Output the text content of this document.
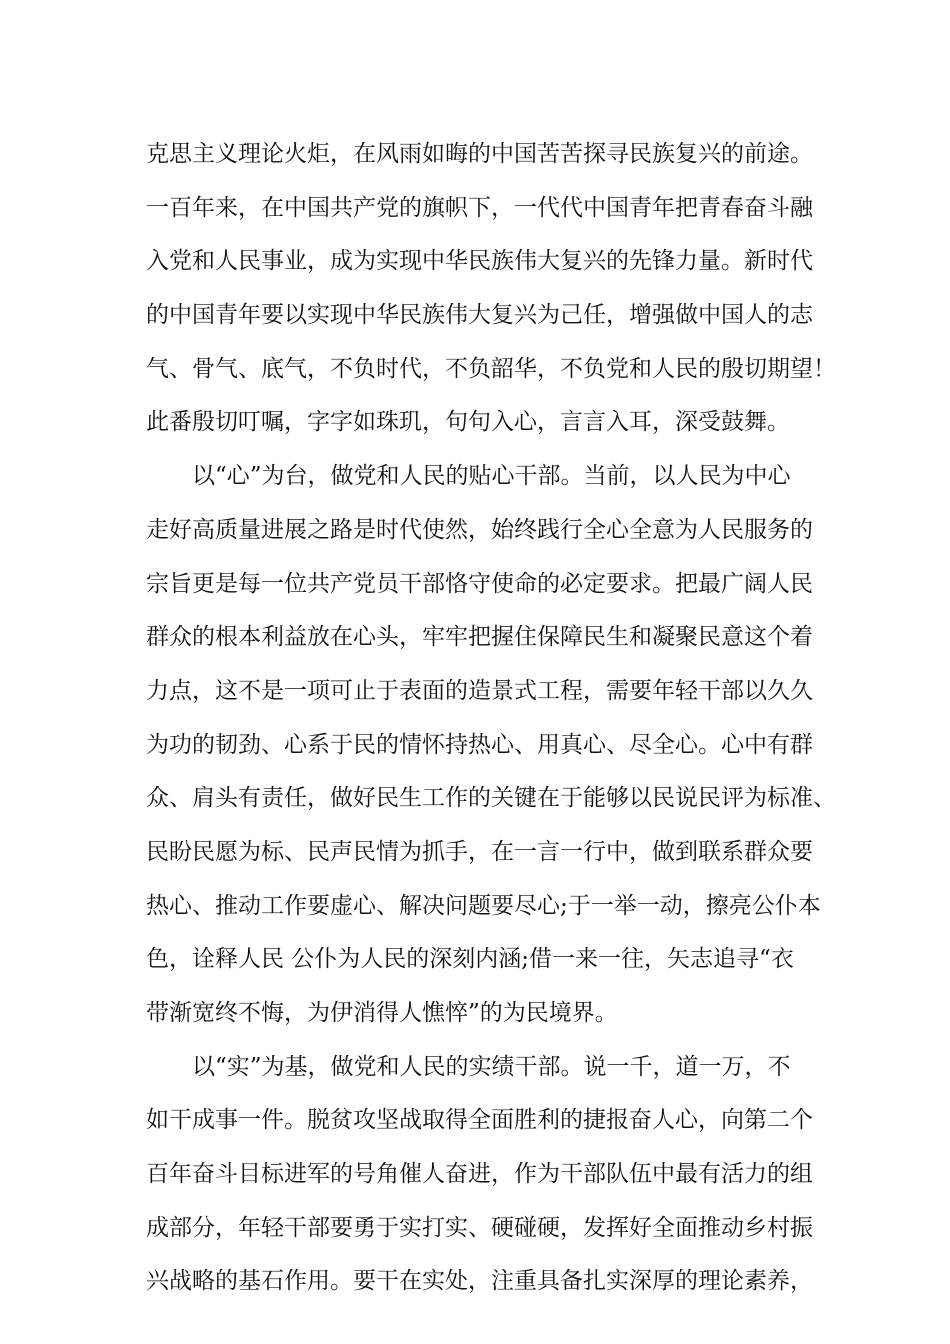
克思主义理论火炬，在风雨如晦的中国苦苦探寻民族复兴的前途。
一百年来，在中国共产党的旗帜下，一代代中国青年把青春奋斗融
入党和人民事业，成为实现中华民族伟大复兴的先锋力量。新时代
的中国青年要以实现中华民族伟大复兴为己任，增强做中国人的志
气、骨气、底气，不负时代，不负韶华，不负党和人民的殷切期望！
此番殷切叮嘱，字字如珠玑，句句入心，言言入耳，深受鼓舞。
以“心”为台，做党和人民的贴心干部。当前，以人民为中心
走好高质量进展之路是时代使然，始终践行全心全意为人民服务的
宗旨更是每一位共产党员干部恪守使命的必定要求。把最广阔人民
群众的根本利益放在心头，牢牢把握住保障民生和凝聚民意这个着
力点，这不是一项可止于表面的造景式工程，需要年轻干部以久久
为功的韧劲、心系于民的情怀持热心、用真心、尽全心。心中有群
众、肩头有责任，做好民生工作的关键在于能够以民说民评为标准、
民盼民愿为标、民声民情为抓手，在一言一行中，做到联系群众要
热心、推动工作要虚心、解决问题要尽心;于一举一动，擦亮公仆本
色，诠释人民 公仆为人民的深刻内涵;借一来一往，矢志追寻“衣
带渐宽终不悔，为伊消得人憔悴”的为民境界。
以“实”为基，做党和人民的实绩干部。说一千，道一万，不
如干成事一件。脱贫攻坚战取得全面胜利的捷报奋人心，向第二个
百年奋斗目标进军的号角催人奋进，作为干部队伍中最有活力的组
成部分，年轻干部要勇于实打实、硬碰硬，发挥好全面推动乡村振
兴战略的基石作用。要干在实处，注重具备扎实深厚的理论素养，
